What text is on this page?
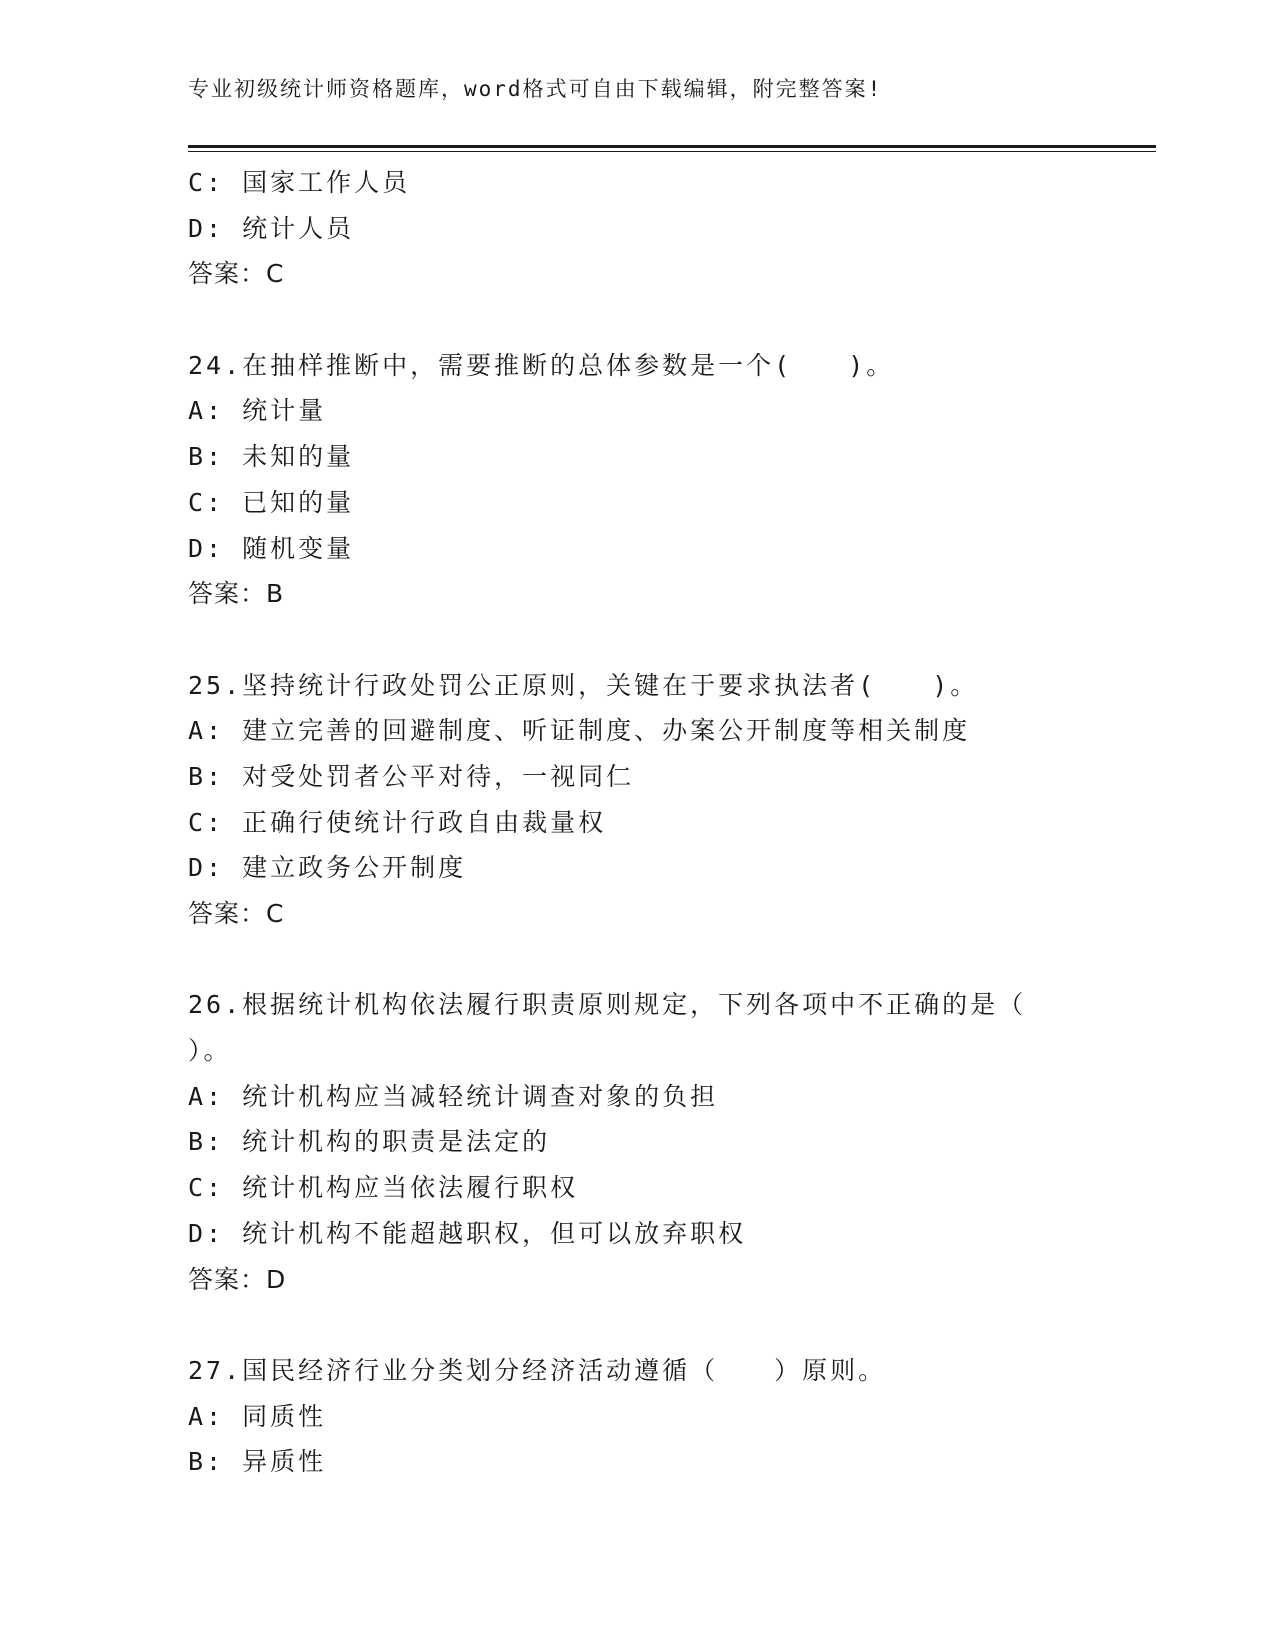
专业初级统计师资格题库，word格式可自由下载编辑，附完整答案!
C: 国家工作人员
D: 统计人员
答案：C
24.在抽样推断中，需要推断的总体参数是一个(　　)。
A: 统计量
B: 未知的量
C: 已知的量
D: 随机变量
答案：B
25.坚持统计行政处罚公正原则，关键在于要求执法者(　　)。
A: 建立完善的回避制度、听证制度、办案公开制度等相关制度
B: 对受处罚者公平对待，一视同仁
C: 正确行使统计行政自由裁量权
D: 建立政务公开制度
答案：C
26.根据统计机构依法履行职责原则规定，下列各项中不正确的是（
）。
A: 统计机构应当减轻统计调查对象的负担
B: 统计机构的职责是法定的
C: 统计机构应当依法履行职权
D: 统计机构不能超越职权，但可以放弃职权
答案：D
27.国民经济行业分类划分经济活动遵循（　　）原则。
A: 同质性
B: 异质性
